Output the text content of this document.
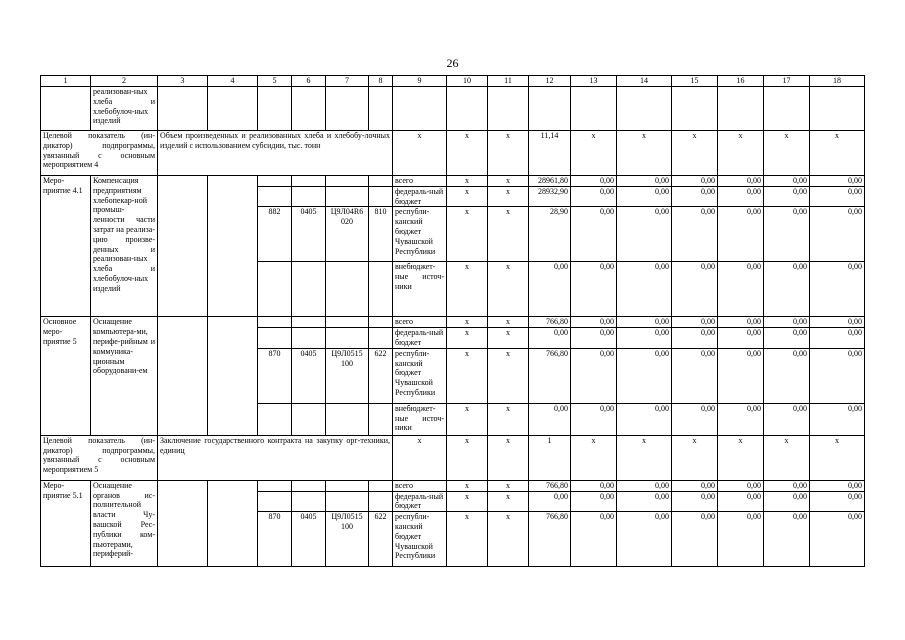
26
1	2	3	4	5	6	7	8	9	10	11	12	13	14	15	16	17	18
	реализован-ных хлеба и хлебобулоч-ных изделий																
Целевой показатель (ин-дикатор) подпрограммы, увязанный с основным мероприятием 4		Объем произведенных и реализованных хлеба и хлебобу-лочных изделий с использованием субсидии, тыс. тонн						x	x	x	11,14	x	x	x	x	x	x
Меро-приятие 4.1	Компенсация предприятиям хлебопекар-ной промыш-ленности части затрат на реализа-цию произве-денных и реализован-ных хлеба и хлебобулоч-ных изделий							всего	x	x	28961,80	0,00	0,00	0,00	0,00	0,00	0,00
								федераль-ный бюджет	x	x	28932,90	0,00	0,00	0,00	0,00	0,00	0,00
				882	0405	Ц9Л04R6 020	810	республи-канский бюджет Чувашской Республики	x	x	28,90	0,00	0,00	0,00	0,00	0,00	0,00
								внебюджет-ные источ-ники	x	x	0,00	0,00	0,00	0,00	0,00	0,00	0,00
Основное меро-приятие 5	Оснащение компьютера-ми, перифе-рийным и коммуника-ционным оборудовани-ем							всего	x	x	766,80	0,00	0,00	0,00	0,00	0,00	0,00
								федераль-ный бюджет	x	x	0,00	0,00	0,00	0,00	0,00	0,00	0,00
				870	0405	Ц9Л0515 100	622	республи-канский бюджет Чувашской Республики	x	x	766,80	0,00	0,00	0,00	0,00	0,00	0,00
								внебюджет-ные источ-ники	x	x	0,00	0,00	0,00	0,00	0,00	0,00	0,00
Целевой показатель (ин-дикатор) подпрограммы, увязанный с основным мероприятием 5		Заключение государственного контракта на закупку орг-техники, единиц						x	x	x	1	x	x	x	x	x	x
Меро-приятие 5.1	Оснащение органов ис-полнительной власти Чу-вашской Рес-публики ком-пьютерами, периферий-							всего	x	x	766,80	0,00	0,00	0,00	0,00	0,00	0,00
								федераль-ный бюджет	x	x	0,00	0,00	0,00	0,00	0,00	0,00	0,00
				870	0405	Ц9Л0515 100	622	республи-канский бюджет Чувашской Республики	x	x	766,80	0,00	0,00	0,00	0,00	0,00	0,00
